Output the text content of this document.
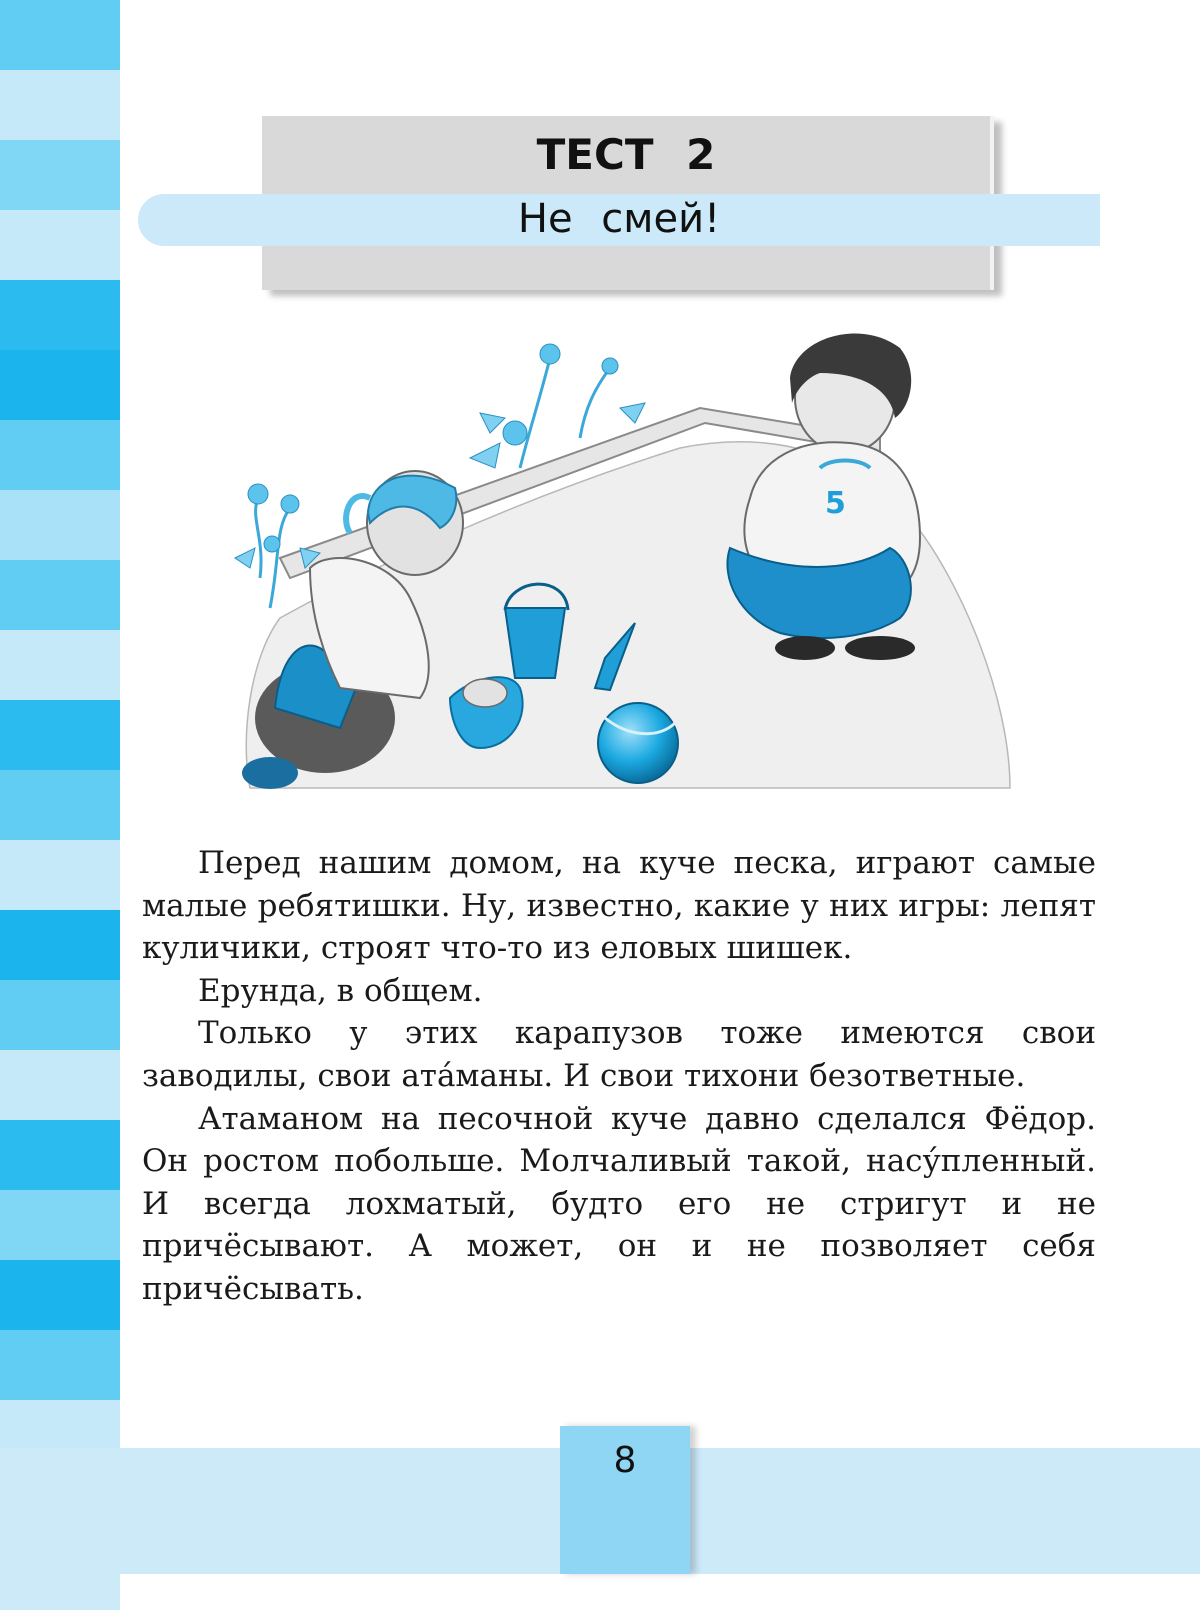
ТЕСТ 2
Не смей!
5

Перед нашим домом, на куче песка, играют самые малые ребятишки. Ну, известно, какие у них игры: лепят куличики, строят что-то из еловых шишек.

Ерунда, в общем.

Только у этих карапузов тоже имеются свои заводилы, свои ата́маны. И свои тихони безответные.

Атаманом на песочной куче давно сделался Фёдор. Он ростом побольше. Молчаливый такой, насу́пленный. И всегда лохматый, будто его не стригут и не причёсывают. А может, он и не позволяет себя причёсывать.

8
